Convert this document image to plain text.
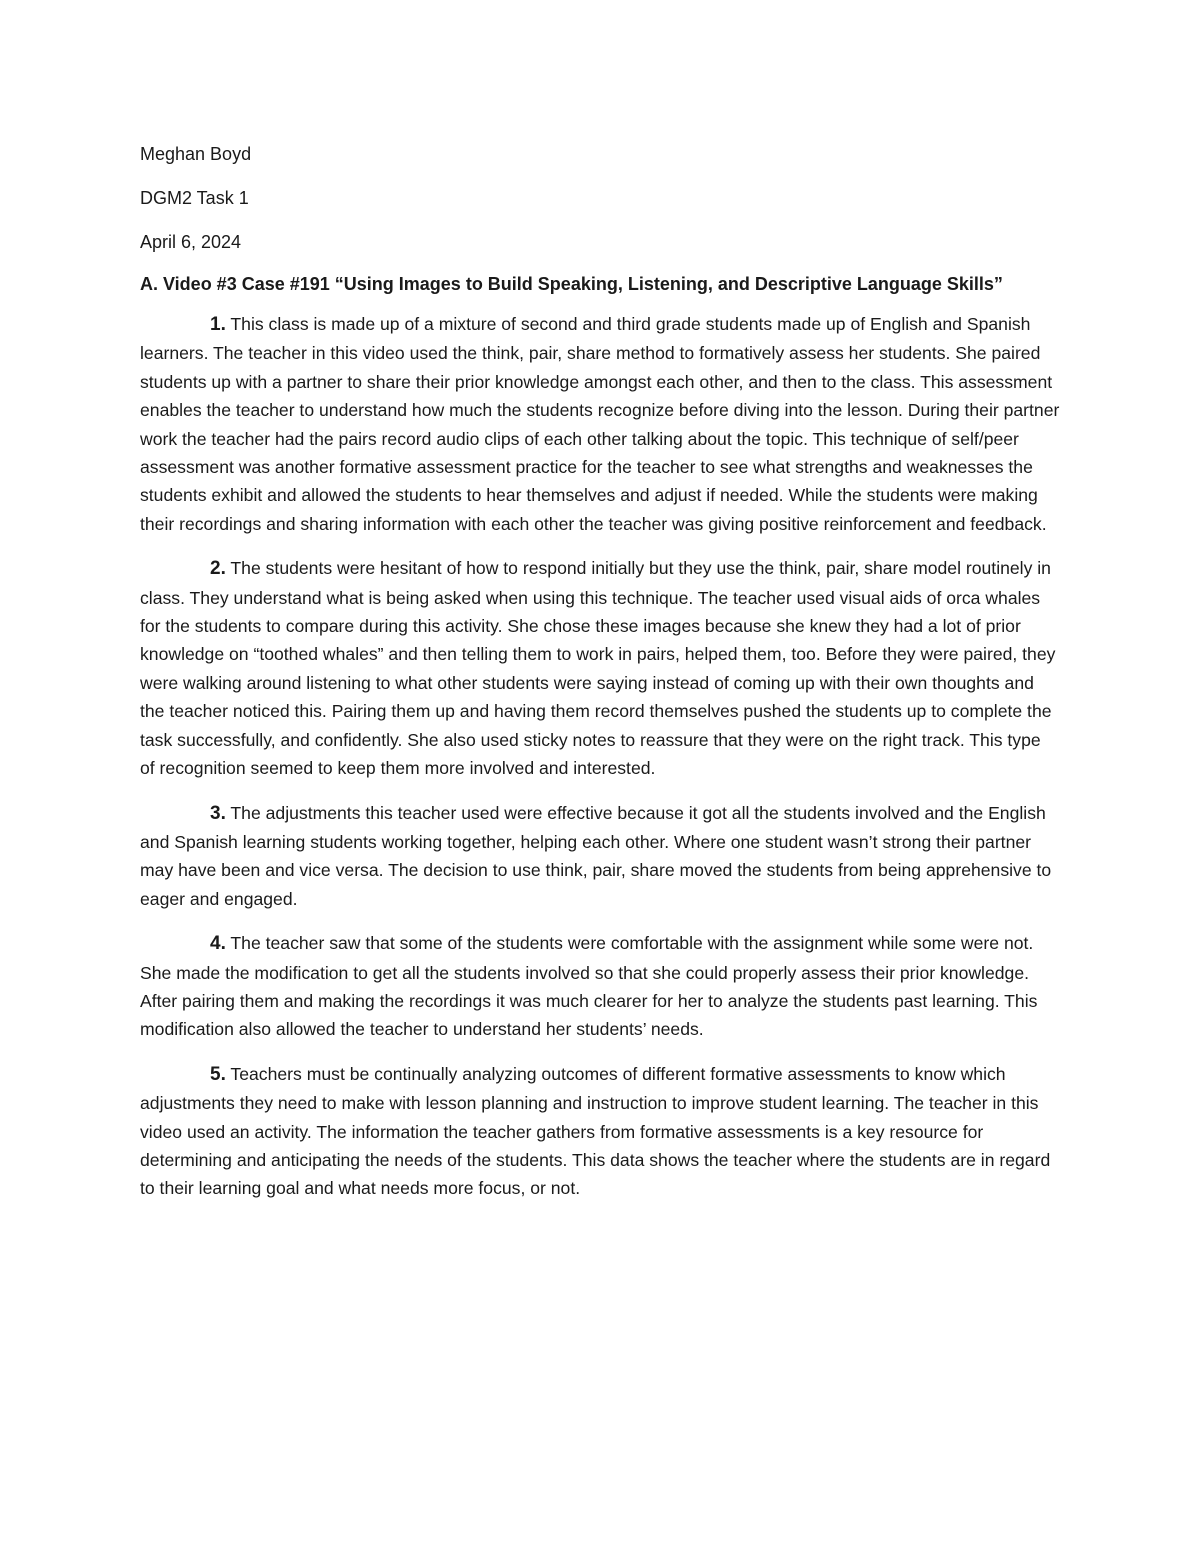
Meghan Boyd

DGM2 Task 1

April 6, 2024

A. Video #3 Case #191 “Using Images to Build Speaking, Listening, and Descriptive Language Skills”

1. This class is made up of a mixture of second and third grade students made up of English and Spanish learners. The teacher in this video used the think, pair, share method to formatively assess her students. She paired students up with a partner to share their prior knowledge amongst each other, and then to the class. This assessment enables the teacher to understand how much the students recognize before diving into the lesson. During their partner work the teacher had the pairs record audio clips of each other talking about the topic. This technique of self/peer assessment was another formative assessment practice for the teacher to see what strengths and weaknesses the students exhibit and allowed the students to hear themselves and adjust if needed. While the students were making their recordings and sharing information with each other the teacher was giving positive reinforcement and feedback.

2. The students were hesitant of how to respond initially but they use the think, pair, share model routinely in class. They understand what is being asked when using this technique. The teacher used visual aids of orca whales for the students to compare during this activity. She chose these images because she knew they had a lot of prior knowledge on “toothed whales” and then telling them to work in pairs, helped them, too. Before they were paired, they were walking around listening to what other students were saying instead of coming up with their own thoughts and the teacher noticed this. Pairing them up and having them record themselves pushed the students up to complete the task successfully, and confidently. She also used sticky notes to reassure that they were on the right track. This type of recognition seemed to keep them more involved and interested.

3. The adjustments this teacher used were effective because it got all the students involved and the English and Spanish learning students working together, helping each other. Where one student wasn’t strong their partner may have been and vice versa. The decision to use think, pair, share moved the students from being apprehensive to eager and engaged.

4. The teacher saw that some of the students were comfortable with the assignment while some were not. She made the modification to get all the students involved so that she could properly assess their prior knowledge. After pairing them and making the recordings it was much clearer for her to analyze the students past learning. This modification also allowed the teacher to understand her students’ needs.

5. Teachers must be continually analyzing outcomes of different formative assessments to know which adjustments they need to make with lesson planning and instruction to improve student learning. The teacher in this video used an activity. The information the teacher gathers from formative assessments is a key resource for determining and anticipating the needs of the students. This data shows the teacher where the students are in regard to their learning goal and what needs more focus, or not.
